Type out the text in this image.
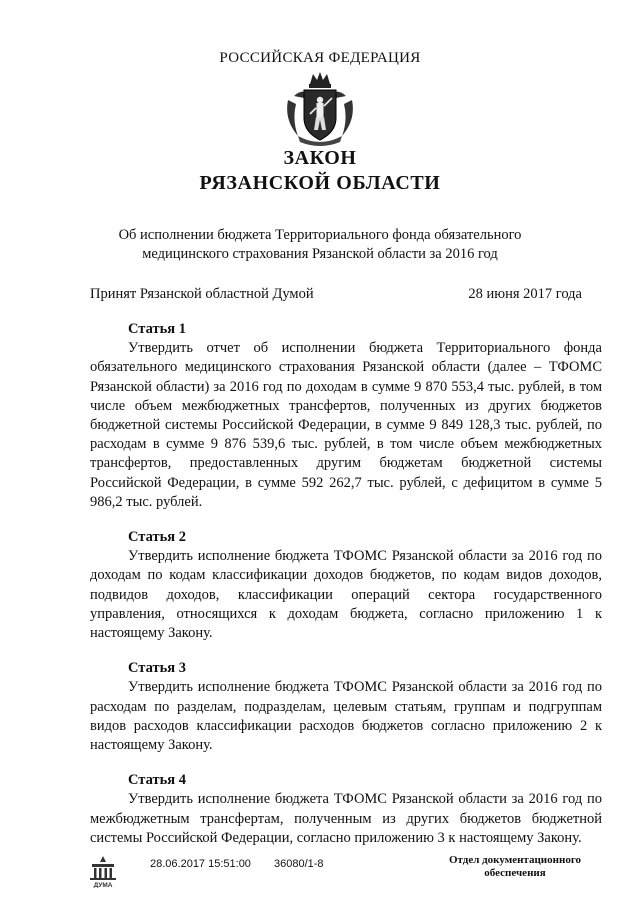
РОССИЙСКАЯ ФЕДЕРАЦИЯ
ЗАКОН
РЯЗАНСКОЙ ОБЛАСТИ
Об исполнении бюджета Территориального фонда обязательного медицинского страхования Рязанской области за 2016 год
Принят Рязанской областной Думой	28 июня 2017 года
Статья 1

Утвердить отчет об исполнении бюджета Территориального фонда обязательного медицинского страхования Рязанской области (далее – ТФОМС Рязанской области) за 2016 год по доходам в сумме 9 870 553,4 тыс. рублей, в том числе объем межбюджетных трансфертов, полученных из других бюджетов бюджетной системы Российской Федерации, в сумме 9 849 128,3 тыс. рублей, по расходам в сумме 9 876 539,6 тыс. рублей, в том числе объем межбюджетных трансфертов, предоставленных другим бюджетам бюджетной системы Российской Федерации, в сумме 592 262,7 тыс. рублей, с дефицитом в сумме 5 986,2 тыс. рублей.

Статья 2

Утвердить исполнение бюджета ТФОМС Рязанской области за 2016 год по доходам по кодам классификации доходов бюджетов, по кодам видов доходов, подвидов доходов, классификации операций сектора государственного управления, относящихся к доходам бюджета, согласно приложению 1 к настоящему Закону.

Статья 3

Утвердить исполнение бюджета ТФОМС Рязанской области за 2016 год по расходам по разделам, подразделам, целевым статьям, группам и подгруппам видов расходов классификации расходов бюджетов согласно приложению 2 к настоящему Закону.

Статья 4

Утвердить исполнение бюджета ТФОМС Рязанской области за 2016 год по межбюджетным трансфертам, полученным из других бюджетов бюджетной системы Российской Федерации, согласно приложению 3 к настоящему Закону.

ДУМА
28.06.2017 15:51:00 36080/1-8	Отдел документационного
обеспечения
